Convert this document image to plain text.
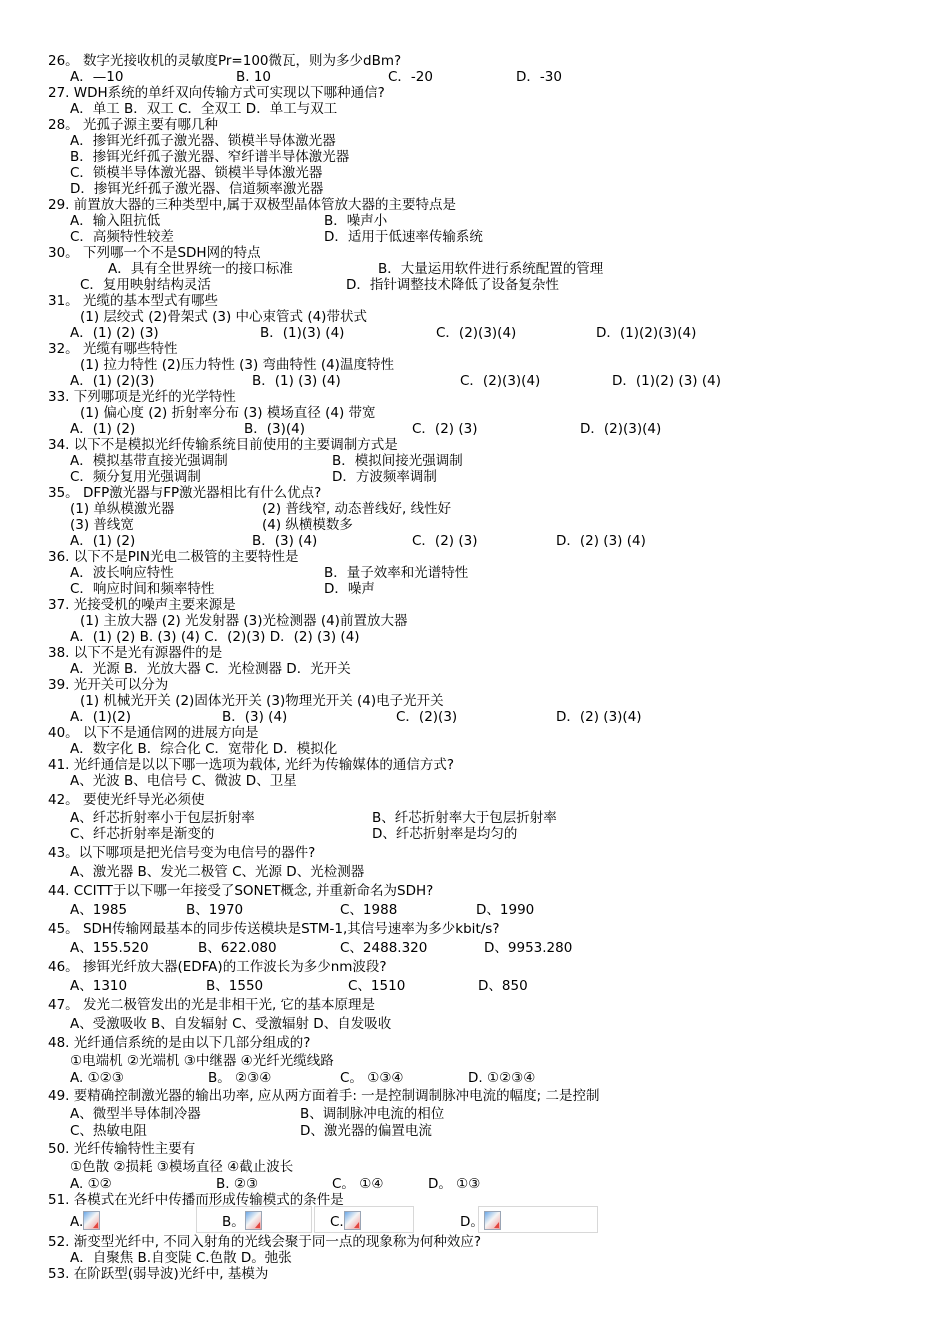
26。 数字光接收机的灵敏度Pr=100微瓦，则为多少dBm?
A．—10	B. 10	C．-20	D．-30
27. WDH系统的单纤双向传输方式可实现以下哪种通信?
A．单工 B．双工 C．全双工 D．单工与双工
28。 光孤子源主要有哪几种
A．掺铒光纤孤子激光器、锁模半导体激光器
B．掺铒光纤孤子激光器、窄纤谱半导体激光器
C．锁模半导体激光器、锁模半导体激光器
D．掺铒光纤孤子激光器、信道频率激光器
29. 前置放大器的三种类型中,属于双极型晶体管放大器的主要特点是
A．输入阻抗低	B．噪声小
C．高频特性较差	D．适用于低速率传输系统
30。 下列哪一个不是SDH网的特点
A．具有全世界统一的接口标准	B．大量运用软件进行系统配置的管理
C．复用映射结构灵活	D．指针调整技术降低了设备复杂性
31。 光缆的基本型式有哪些
(1) 层绞式 (2)骨架式 (3) 中心束管式 (4)带状式
A．(1) (2) (3)	B．(1)(3) (4)	C．(2)(3)(4)	D．(1)(2)(3)(4)
32。 光缆有哪些特性
(1) 拉力特性 (2)压力特性 (3) 弯曲特性 (4)温度特性
A．(1) (2)(3)	B．(1) (3) (4)	C．(2)(3)(4)	D．(1)(2) (3) (4)
33. 下列哪项是光纤的光学特性
(1) 偏心度 (2) 折射率分布 (3) 模场直径 (4) 带宽
A．(1) (2)	B．(3)(4)	C．(2) (3)	D．(2)(3)(4)
34. 以下不是模拟光纤传输系统目前使用的主要调制方式是
A．模拟基带直接光强调制	B．模拟间接光强调制
C．频分复用光强调制	D．方波频率调制
35。 DFP激光器与FP激光器相比有什么优点?
(1) 单纵模激光器	(2) 普线窄, 动态普线好, 线性好
(3) 普线宽	(4) 纵横模数多
A．(1) (2)	B．(3) (4)	C．(2) (3)	D．(2) (3) (4)
36. 以下不是PIN光电二极管的主要特性是
A．波长响应特性	B．量子效率和光谱特性
C．响应时间和频率特性	D．噪声
37. 光接受机的噪声主要来源是
(1) 主放大器 (2) 光发射器 (3)光检测器 (4)前置放大器
A．(1) (2) B. (3) (4) C．(2)(3) D．(2) (3) (4)
38. 以下不是光有源器件的是
A．光源 B．光放大器 C．光检测器 D．光开关
39. 光开关可以分为
(1) 机械光开关 (2)固体光开关 (3)物理光开关 (4)电子光开关
A．(1)(2)	B．(3) (4)	C．(2)(3)	D．(2) (3)(4)
40。 以下不是通信网的进展方向是
A．数字化 B．综合化 C．宽带化 D．模拟化
41. 光纤通信是以以下哪一选项为载体, 光纤为传输媒体的通信方式?
A、光波 B、电信号 C、微波 D、卫星
42。 要使光纤导光必须使
A、纤芯折射率小于包层折射率	B、纤芯折射率大于包层折射率
C、纤芯折射率是渐变的	D、纤芯折射率是均匀的
43。以下哪项是把光信号变为电信号的器件?
A、激光器 B、发光二极管 C、光源 D、光检测器
44. CCITT于以下哪一年接受了SONET概念, 并重新命名为SDH?
A、1985	B、1970	C、1988	D、1990
45。 SDH传输网最基本的同步传送模块是STM-1,其信号速率为多少kbit/s?
A、155.520	B、622.080	C、2488.320	D、9953.280
46。 掺铒光纤放大器(EDFA)的工作波长为多少nm波段?
A、1310	B、1550	C、1510	D、850
47。 发光二极管发出的光是非相干光, 它的基本原理是
A、受激吸收 B、自发辐射 C、受激辐射 D、自发吸收
48. 光纤通信系统的是由以下几部分组成的?
①电端机 ②光端机 ③中继器 ④光纤光缆线路
A. ①②③	B。 ②③④	C。 ①③④	D. ①②③④
49. 要精确控制激光器的输出功率, 应从两方面着手: 一是控制调制脉冲电流的幅度; 二是控制
A、微型半导体制冷器	B、调制脉冲电流的相位
C、热敏电阻	D、激光器的偏置电流
50. 光纤传输特性主要有
①色散 ②损耗 ③模场直径 ④截止波长
A. ①②	B. ②③	C。 ①④	D。 ①③
51. 各模式在光纤中传播而形成传输模式的条件是
A.	B。	C.	D。
52. 渐变型光纤中, 不同入射角的光线会聚于同一点的现象称为何种效应?
A．自聚焦 B.自变陡 C.色散 D。弛张
53. 在阶跃型(弱导波)光纤中, 基模为
